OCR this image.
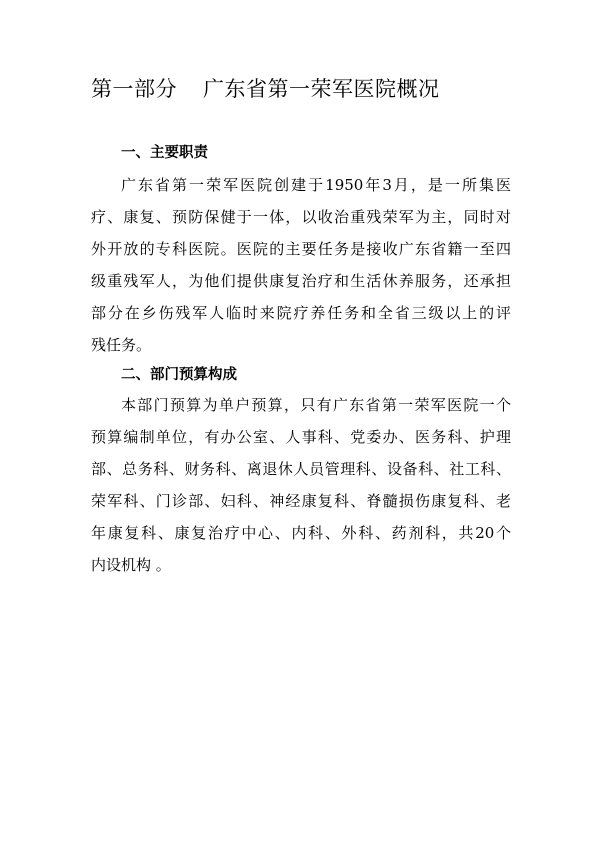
第一部分 广东省第一荣军医院概况
一、主要职责
广东省第一荣军医院创建于1950年3月，是一所集医
疗、康复、预防保健于一体，以收治重残荣军为主，同时对
外开放的专科医院。医院的主要任务是接收广东省籍一至四
级重残军人，为他们提供康复治疗和生活休养服务，还承担
部分在乡伤残军人临时来院疗养任务和全省三级以上的评
残任务。
二、部门预算构成
本部门预算为单户预算，只有广东省第一荣军医院一个
预算编制单位，有办公室、人事科、党委办、医务科、护理
部、总务科、财务科、离退休人员管理科、设备科、社工科、
荣军科、门诊部、妇科、神经康复科、脊髓损伤康复科、老
年康复科、康复治疗中心、内科、外科、药剂科，共20个
内设机构 。
